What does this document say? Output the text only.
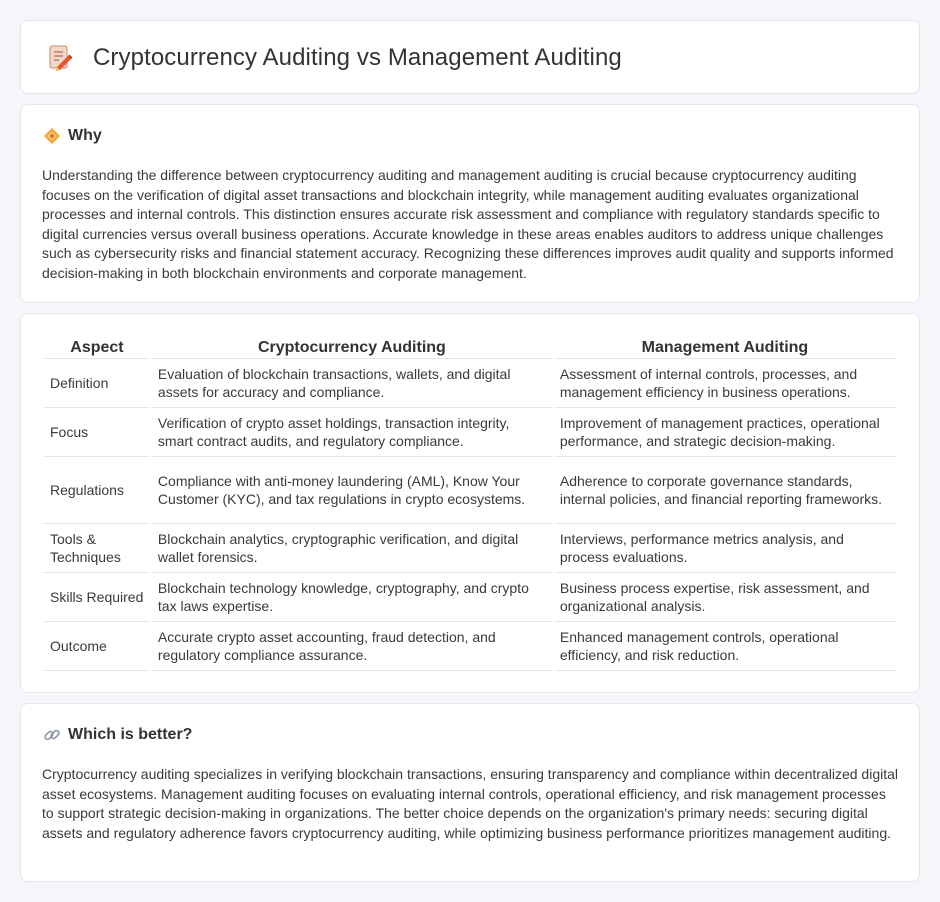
Cryptocurrency Auditing vs Management Auditing
Why

Understanding the difference between cryptocurrency auditing and management auditing is crucial because cryptocurrency auditing focuses on the verification of digital asset transactions and blockchain integrity, while management auditing evaluates organizational processes and internal controls. This distinction ensures accurate risk assessment and compliance with regulatory standards specific to digital currencies versus overall business operations. Accurate knowledge in these areas enables auditors to address unique challenges such as cybersecurity risks and financial statement accuracy. Recognizing these differences improves audit quality and supports informed decision-making in both blockchain environments and corporate management.

Aspect	Cryptocurrency Auditing	Management Auditing
Definition	Evaluation of blockchain transactions, wallets, and digital assets for accuracy and compliance.	Assessment of internal controls, processes, and management efficiency in business operations.
Focus	Verification of crypto asset holdings, transaction integrity, smart contract audits, and regulatory compliance.	Improvement of management practices, operational performance, and strategic decision-making.
Regulations	Compliance with anti-money laundering (AML), Know Your Customer (KYC), and tax regulations in crypto ecosystems.	Adherence to corporate governance standards, internal policies, and financial reporting frameworks.
Tools & Techniques	Blockchain analytics, cryptographic verification, and digital wallet forensics.	Interviews, performance metrics analysis, and process evaluations.
Skills Required	Blockchain technology knowledge, cryptography, and crypto tax laws expertise.	Business process expertise, risk assessment, and organizational analysis.
Outcome	Accurate crypto asset accounting, fraud detection, and regulatory compliance assurance.	Enhanced management controls, operational efficiency, and risk reduction.
Which is better?

Cryptocurrency auditing specializes in verifying blockchain transactions, ensuring transparency and compliance within decentralized digital asset ecosystems. Management auditing focuses on evaluating internal controls, operational efficiency, and risk management processes to support strategic decision-making in organizations. The better choice depends on the organization's primary needs: securing digital assets and regulatory adherence favors cryptocurrency auditing, while optimizing business performance prioritizes management auditing.
